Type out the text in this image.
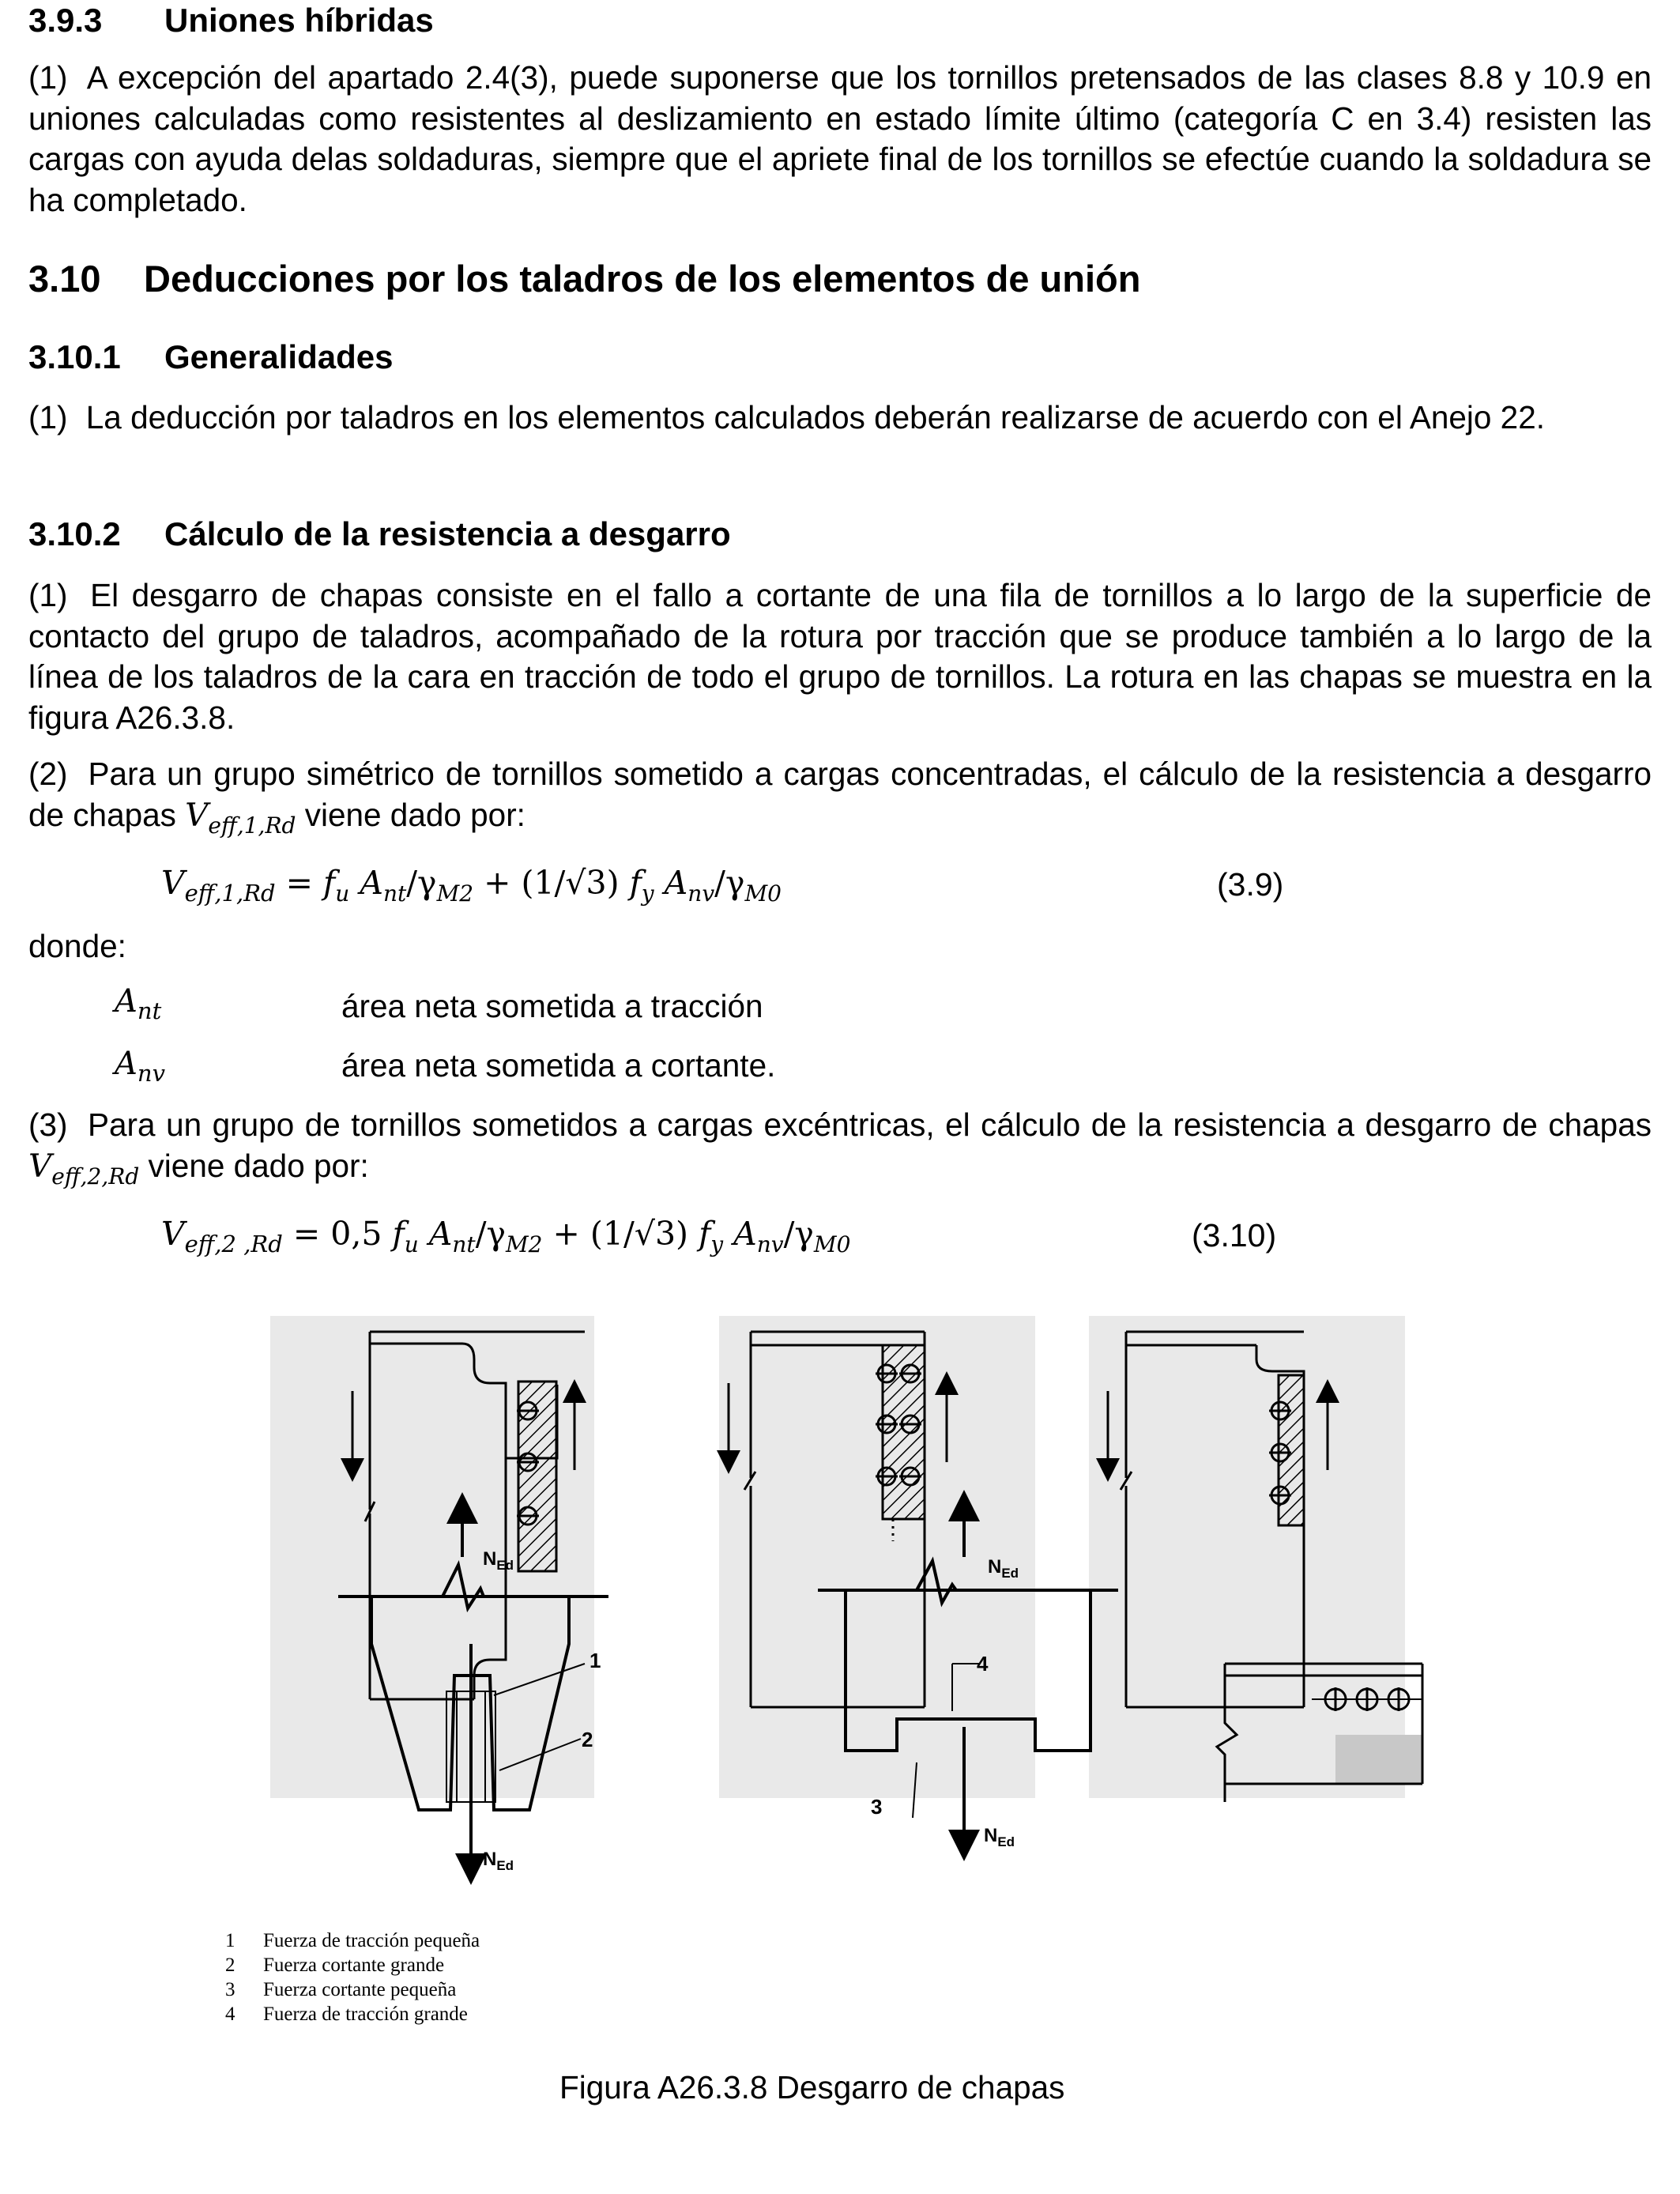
3.9.3 Uniones híbridas
(1) A excepción del apartado 2.4(3), puede suponerse que los tornillos pretensados de las clases 8.8 y 10.9 en uniones calculadas como resistentes al deslizamiento en estado límite último (categoría C en 3.4) resisten las cargas con ayuda delas soldaduras, siempre que el apriete final de los tornillos se efectúe cuando la soldadura se ha completado.
3.10 Deducciones por los taladros de los elementos de unión
3.10.1 Generalidades
(1) La deducción por taladros en los elementos calculados deberán realizarse de acuerdo con el Anejo 22.
3.10.2 Cálculo de la resistencia a desgarro
(1) El desgarro de chapas consiste en el fallo a cortante de una fila de tornillos a lo largo de la superficie de contacto del grupo de taladros, acompañado de la rotura por tracción que se produce también a lo largo de la línea de los taladros de la cara en tracción de todo el grupo de tornillos. La rotura en las chapas se muestra en la figura A26.3.8.
(2) Para un grupo simétrico de tornillos sometido a cargas concentradas, el cálculo de la resistencia a desgarro de chapas $V_{eff,1,Rd}$ viene dado por:
$V_{eff,1,Rd} = f_u$ $A_{nt}/\gamma_{M2} + (1/√3)$ $f_y$ $A_{nv}/\gamma_{M0}$	(3.9)
donde:
$A_{nt}$	área neta sometida a tracción
$A_{nv}$	área neta sometida a cortante.
(3) Para un grupo de tornillos sometidos a cargas excéntricas, el cálculo de la resistencia a desgarro de chapas $V_{eff,2,Rd}$ viene dado por:
$V_{eff,2 ,Rd} = 0,5$ $f_u$ $A_{nt}/\gamma_{M2} + (1/√3)$ $f_y$ $A_{nv}/\gamma_{M0}$	(3.10)
$N_{Ed}$
$N_{Ed}$
1
2
$N_{Ed}$
$N_{Ed}$
3
4
1 Fuerza de tracción pequeña
2 Fuerza cortante grande
3 Fuerza cortante pequeña
4 Fuerza de tracción grande
Figura A26.3.8 Desgarro de chapas
